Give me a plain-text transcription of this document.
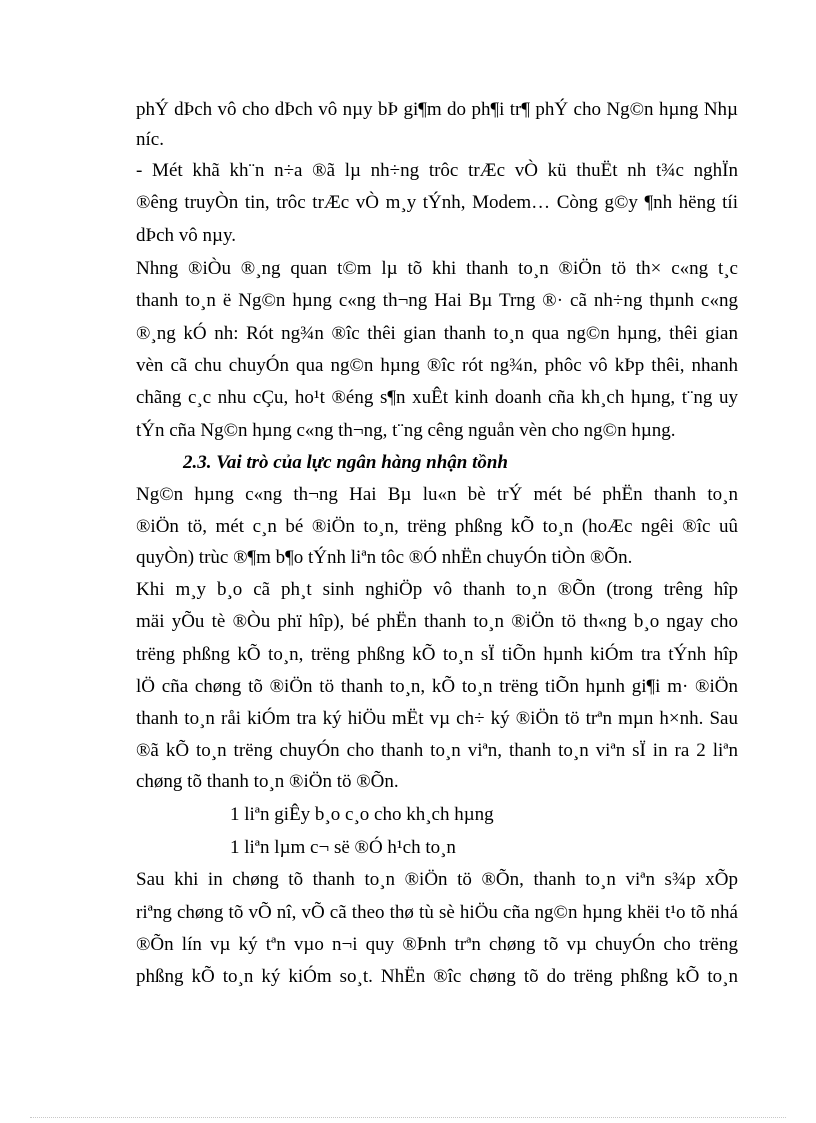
phÝ dÞch vô cho dÞch vô nµy bÞ gi¶m do ph¶i tr¶ phÝ cho Ng©n hµng Nhµ

níc.

- Mét khã kh¨n n÷a ®ã lµ nh÷ng trôc trÆc vÒ kü thuËt nh t¾c nghÏn

®êng truyÒn tin, trôc trÆc vÒ m¸y tÝnh, Modem… Còng g©y ¶nh hëng tíi

dÞch vô nµy.

Nhng ®iÒu ®¸ng quan t©m lµ tõ khi thanh to¸n ®iÖn tö th× c«ng t¸c

thanh to¸n ë Ng©n hµng c«ng th¬ng Hai Bµ Trng ®· cã nh÷ng thµnh c«ng

®¸ng kÓ nh: Rót ng¾n ®îc thêi gian thanh to¸n qua ng©n hµng, thêi gian

vèn cã chu chuyÓn qua ng©n hµng ®îc rót ng¾n, phôc vô kÞp thêi, nhanh

chãng c¸c nhu cÇu, ho¹t ®éng s¶n xuÊt kinh doanh cña kh¸ch hµng, t¨ng uy

tÝn cña Ng©n hµng c«ng th¬ng, t¨ng cêng nguån vèn cho ng©n hµng.

2.3. Vai trò của lực ngân hàng nhận tồnh

Ng©n hµng c«ng th¬ng Hai Bµ lu«n bè trÝ mét bé phËn thanh to¸n

®iÖn tö, mét c¸n bé ®iÖn to¸n, trëng phßng kÕ to¸n (hoÆc ngêi ®îc uû

quyÒn) trùc ®¶m b¶o tÝnh liªn tôc ®Ó nhËn chuyÓn tiÒn ®Õn.

Khi m¸y b¸o cã ph¸t sinh nghiÖp vô thanh to¸n ®Õn (trong trêng hîp

mäi yÕu tè ®Òu phï hîp), bé phËn thanh to¸n ®iÖn tö th«ng b¸o ngay cho

trëng phßng kÕ to¸n, trëng phßng kÕ to¸n sÏ tiÕn hµnh kiÓm tra tÝnh hîp

lÖ cña chøng tõ ®iÖn tö thanh to¸n, kÕ to¸n trëng tiÕn hµnh gi¶i m· ®iÖn

thanh to¸n råi kiÓm tra ký hiÖu mËt vµ ch÷ ký ®iÖn tö trªn mµn h×nh. Sau

®ã kÕ to¸n trëng chuyÓn cho thanh to¸n viªn, thanh to¸n viªn sÏ in ra 2 liªn

chøng tõ thanh to¸n ®iÖn tö ®Õn.

1 liªn giÊy b¸o c¸o cho kh¸ch hµng

1 liªn lµm c¬ së ®Ó h¹ch to¸n

Sau khi in chøng tõ thanh to¸n ®iÖn tö ®Õn, thanh to¸n viªn s¾p xÕp

riªng chøng tõ vÕ nî, vÕ cã theo thø tù sè hiÖu cña ng©n hµng khëi t¹o tõ nhá

®Õn lín vµ ký tªn vµo n¬i quy ®Þnh trªn chøng tõ vµ chuyÓn cho trëng

phßng kÕ to¸n ký kiÓm so¸t. NhËn ®îc chøng tõ do trëng phßng kÕ to¸n
